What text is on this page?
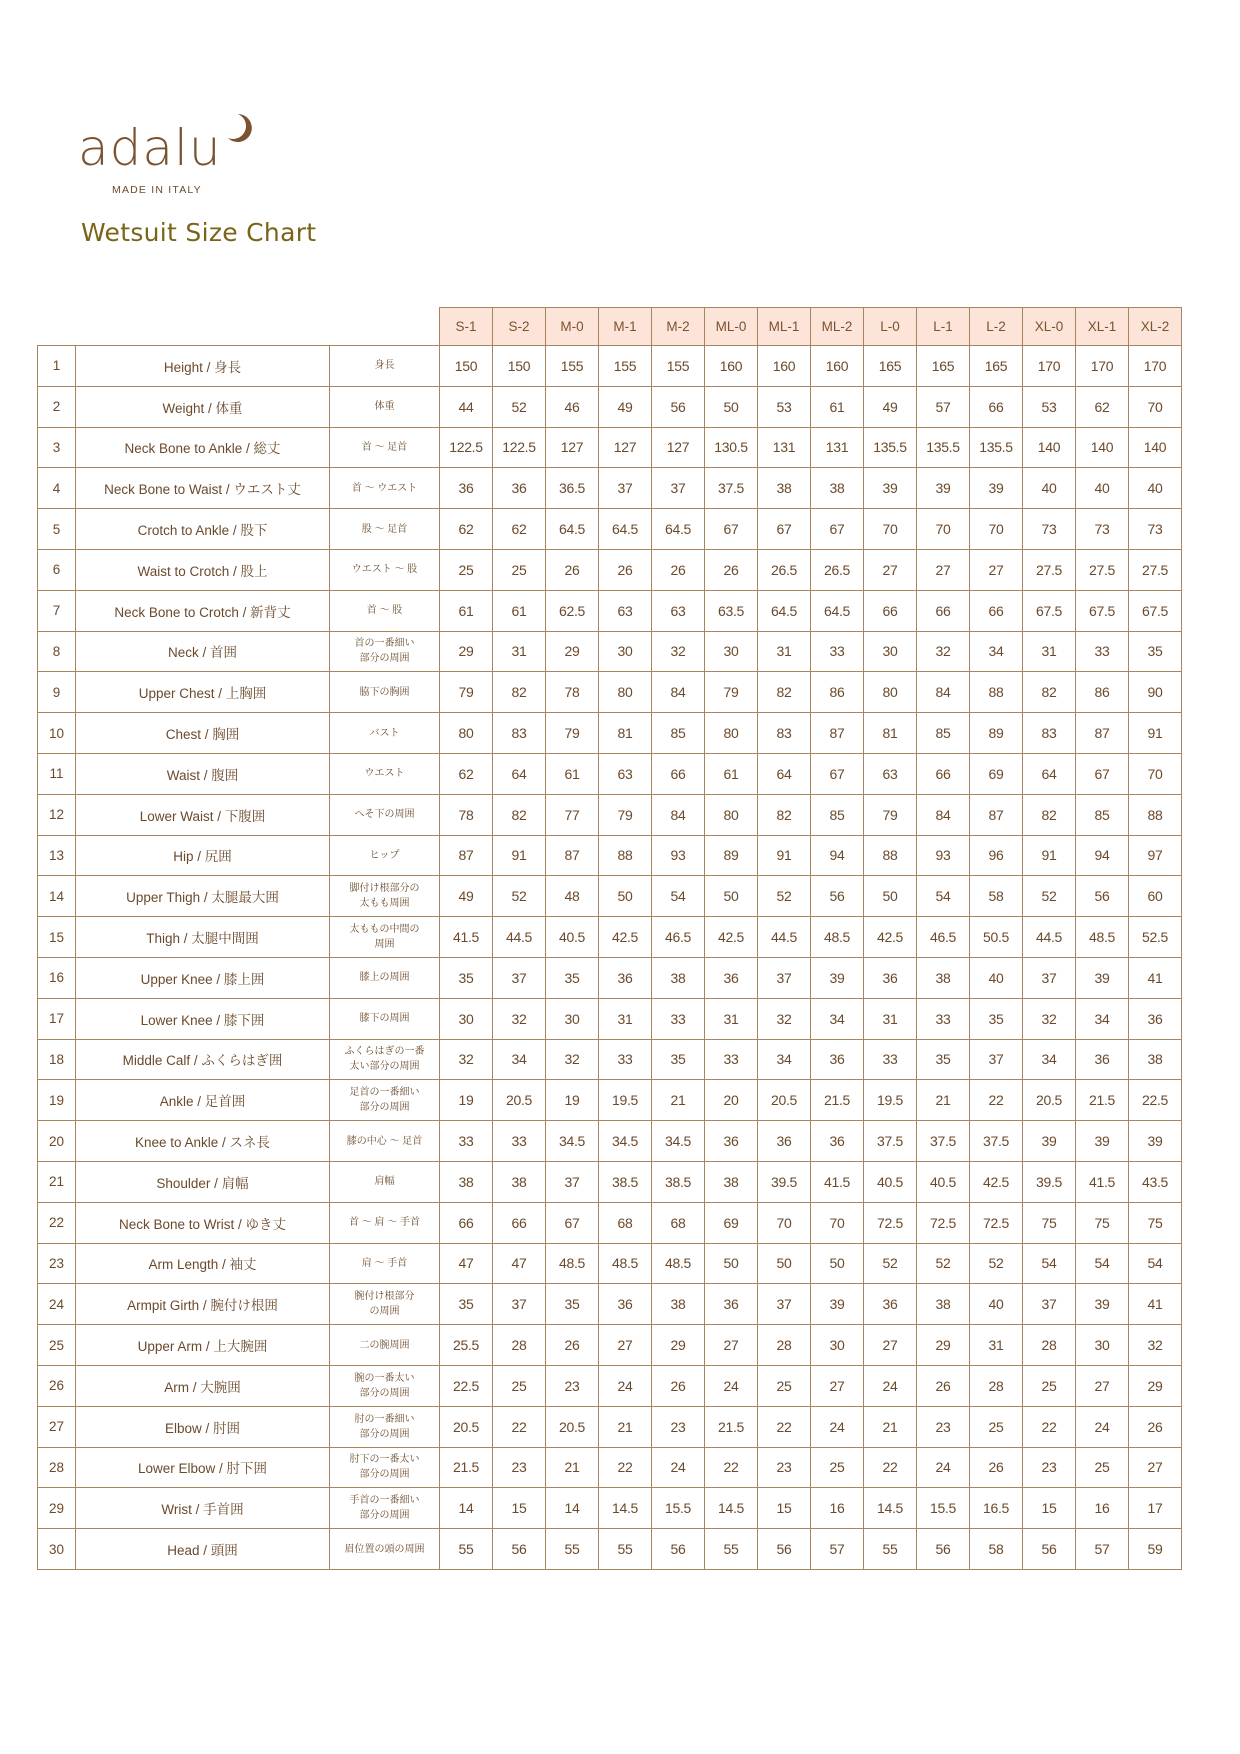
adalu
MADE IN ITALY
Wetsuit Size Chart
			S-1	S-2	M-0	M-1	M-2	ML-0	ML-1	ML-2	L-0	L-1	L-2	XL-0	XL-1	XL-2
1	Height / 身長	身長	150	150	155	155	155	160	160	160	165	165	165	170	170	170
2	Weight / 体重	体重	44	52	46	49	56	50	53	61	49	57	66	53	62	70
3	Neck Bone to Ankle / 総丈	首 ～ 足首	122.5	122.5	127	127	127	130.5	131	131	135.5	135.5	135.5	140	140	140
4	Neck Bone to Waist / ウエスト丈	首 ～ ウエスト	36	36	36.5	37	37	37.5	38	38	39	39	39	40	40	40
5	Crotch to Ankle / 股下	股 ～ 足首	62	62	64.5	64.5	64.5	67	67	67	70	70	70	73	73	73
6	Waist to Crotch / 股上	ウエスト ～ 股	25	25	26	26	26	26	26.5	26.5	27	27	27	27.5	27.5	27.5
7	Neck Bone to Crotch / 新背丈	首 ～ 股	61	61	62.5	63	63	63.5	64.5	64.5	66	66	66	67.5	67.5	67.5
8	Neck / 首囲	首の一番細い
部分の周囲	29	31	29	30	32	30	31	33	30	32	34	31	33	35
9	Upper Chest / 上胸囲	脇下の胸囲	79	82	78	80	84	79	82	86	80	84	88	82	86	90
10	Chest / 胸囲	バスト	80	83	79	81	85	80	83	87	81	85	89	83	87	91
11	Waist / 腹囲	ウエスト	62	64	61	63	66	61	64	67	63	66	69	64	67	70
12	Lower Waist / 下腹囲	へそ下の周囲	78	82	77	79	84	80	82	85	79	84	87	82	85	88
13	Hip / 尻囲	ヒップ	87	91	87	88	93	89	91	94	88	93	96	91	94	97
14	Upper Thigh / 太腿最大囲	脚付け根部分の
太もも周囲	49	52	48	50	54	50	52	56	50	54	58	52	56	60
15	Thigh / 太腿中間囲	太ももの中間の
周囲	41.5	44.5	40.5	42.5	46.5	42.5	44.5	48.5	42.5	46.5	50.5	44.5	48.5	52.5
16	Upper Knee / 膝上囲	膝上の周囲	35	37	35	36	38	36	37	39	36	38	40	37	39	41
17	Lower Knee / 膝下囲	膝下の周囲	30	32	30	31	33	31	32	34	31	33	35	32	34	36
18	Middle Calf / ふくらはぎ囲	ふくらはぎの一番
太い部分の周囲	32	34	32	33	35	33	34	36	33	35	37	34	36	38
19	Ankle / 足首囲	足首の一番細い
部分の周囲	19	20.5	19	19.5	21	20	20.5	21.5	19.5	21	22	20.5	21.5	22.5
20	Knee to Ankle / スネ長	膝の中心 ～ 足首	33	33	34.5	34.5	34.5	36	36	36	37.5	37.5	37.5	39	39	39
21	Shoulder / 肩幅	肩幅	38	38	37	38.5	38.5	38	39.5	41.5	40.5	40.5	42.5	39.5	41.5	43.5
22	Neck Bone to Wrist / ゆき丈	首 ～ 肩 ～ 手首	66	66	67	68	68	69	70	70	72.5	72.5	72.5	75	75	75
23	Arm Length / 袖丈	肩 ～ 手首	47	47	48.5	48.5	48.5	50	50	50	52	52	52	54	54	54
24	Armpit Girth / 腕付け根囲	腕付け根部分
の周囲	35	37	35	36	38	36	37	39	36	38	40	37	39	41
25	Upper Arm / 上大腕囲	二の腕周囲	25.5	28	26	27	29	27	28	30	27	29	31	28	30	32
26	Arm / 大腕囲	腕の一番太い
部分の周囲	22.5	25	23	24	26	24	25	27	24	26	28	25	27	29
27	Elbow / 肘囲	肘の一番細い
部分の周囲	20.5	22	20.5	21	23	21.5	22	24	21	23	25	22	24	26
28	Lower Elbow / 肘下囲	肘下の一番太い
部分の周囲	21.5	23	21	22	24	22	23	25	22	24	26	23	25	27
29	Wrist / 手首囲	手首の一番細い
部分の周囲	14	15	14	14.5	15.5	14.5	15	16	14.5	15.5	16.5	15	16	17
30	Head / 頭囲	眉位置の頭の周囲	55	56	55	55	56	55	56	57	55	56	58	56	57	59
